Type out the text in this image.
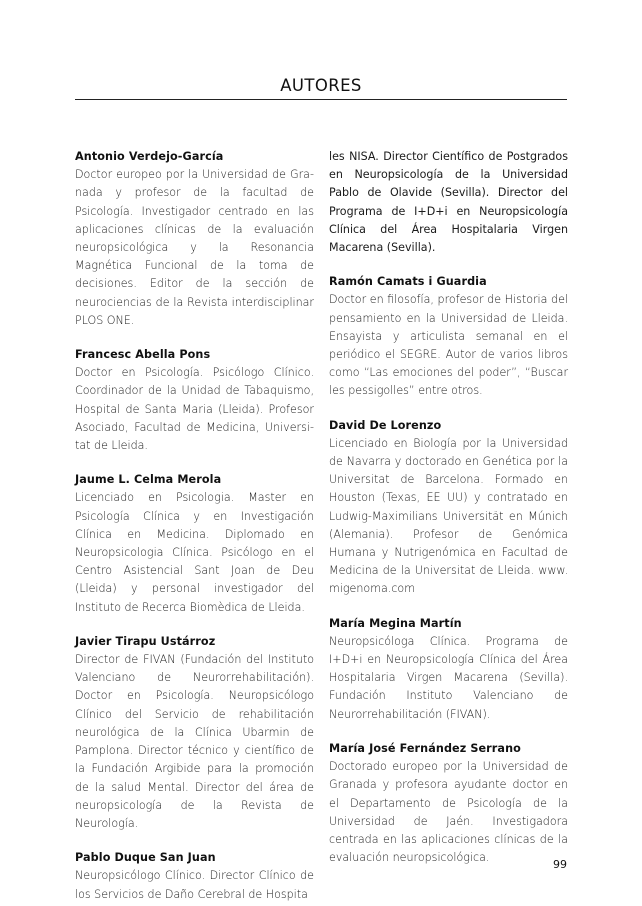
AUTORES
Antonio Verdejo-García
Doctor europeo por la Universidad de Granada y profesor de la facultad de Psicología. Investigador centrado en las aplicaciones clínicas de la evaluación neuropsicológica y la Resonancia Magnética Funcional de la toma de decisiones. Editor de la sección de neurociencias de la Revista interdisciplinar PLOS ONE.
Francesc Abella Pons
Doctor en Psicología. Psicólogo Clínico. Coordinador de la Unidad de Tabaquismo, Hospital de Santa Maria (Lleida). Profesor Asociado, Facultad de Medicina, Universitat de Lleida.
Jaume L. Celma Merola
Licenciado en Psicologia. Master en Psicología Clínica y en Investigación Clínica en Medicina. Diplomado en Neuropsicologia Clínica. Psicólogo en el Centro Asistencial Sant Joan de Deu (Lleida) y personal investigador del Instituto de Recerca Biomèdica de Lleida.
Javier Tirapu Ustárroz
Director de FIVAN (Fundación del Instituto Valenciano de Neurorrehabilitación). Doctor en Psicología. Neuropsicólogo Clínico del Servicio de rehabilitación neurológica de la Clínica Ubarmin de Pamplona. Director técnico y científico de la Fundación Argibide para la promoción de la salud Mental. Director del área de neuropsicología de la Revista de Neurología.
Pablo Duque San Juan
Neuropsicólogo Clínico. Director Clínico de los Servicios de Daño Cerebral de Hospita
les NISA. Director Científico de Postgrados en Neuropsicología de la Universidad Pablo de Olavide (Sevilla). Director del Programa de I+D+i en Neuropsicología Clínica del Área Hospitalaria Virgen Macarena (Sevilla).
Ramón Camats i Guardia
Doctor en filosofía, profesor de Historia del pensamiento en la Universidad de Lleida. Ensayista y articulista semanal en el periódico el SEGRE. Autor de varios libros como “Las emociones del poder”, “Buscar les pessigolles” entre otros.
David De Lorenzo
Licenciado en Biología por la Universidad de Navarra y doctorado en Genética por la Universitat de Barcelona. Formado en Houston (Texas, EE UU) y contratado en Ludwig-Maximilians Universität en Múnich (Alemania). Profesor de Genómica Humana y Nutrigenómica en Facultad de Medicina de la Universitat de Lleida. www. migenoma.com
María Megina Martín
Neuropsicóloga Clínica. Programa de I+D+i en Neuropsicología Clínica del Área Hospitalaria Virgen Macarena (Sevilla). Fundación Instituto Valenciano de Neurorrehabilitación (FIVAN).
María José Fernández Serrano
Doctorado europeo por la Universidad de Granada y profesora ayudante doctor en el Departamento de Psicología de la Universidad de Jaén. Investigadora centrada en las aplicaciones clínicas de la evaluación neuropsicológica.
99
